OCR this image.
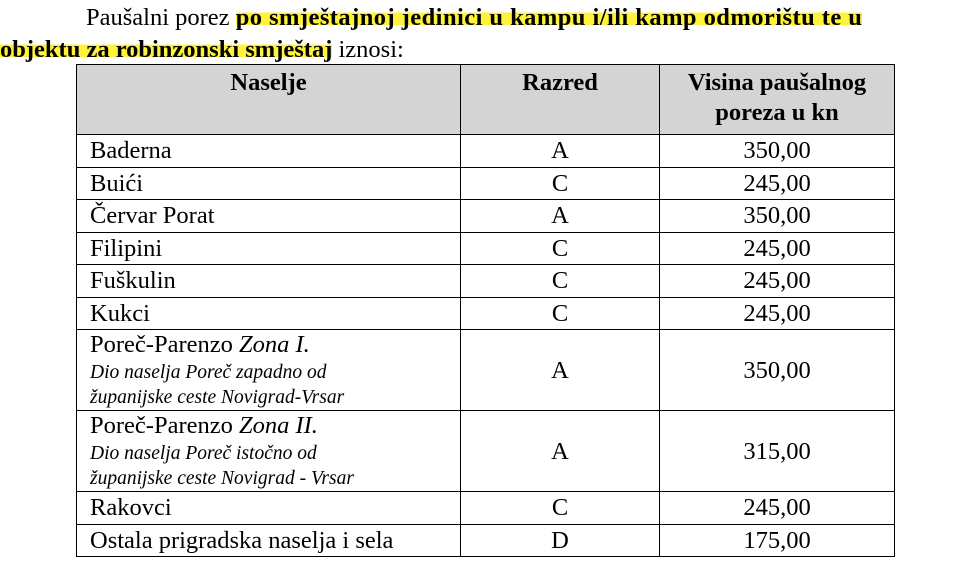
Paušalni porez po smještajnoj jedinici u kampu i/ili kamp odmorištu te u
objektu za robinzonski smještaj iznosi:

Naselje	Razred	Visina paušalnog
poreza u kn
Baderna	A	350,00
Buići	C	245,00
Červar Porat	A	350,00
Filipini	C	245,00
Fuškulin	C	245,00
Kukci	C	245,00

Poreč-Parenzo Zona I.
Dio naselja Poreč zapadno od
županijske ceste Novigrad-Vrsar	A	350,00

Poreč-Parenzo Zona II.
Dio naselja Poreč istočno od
županijske ceste Novigrad - Vrsar	A	315,00
Rakovci	C	245,00
Ostala prigradska naselja i sela	D	175,00
